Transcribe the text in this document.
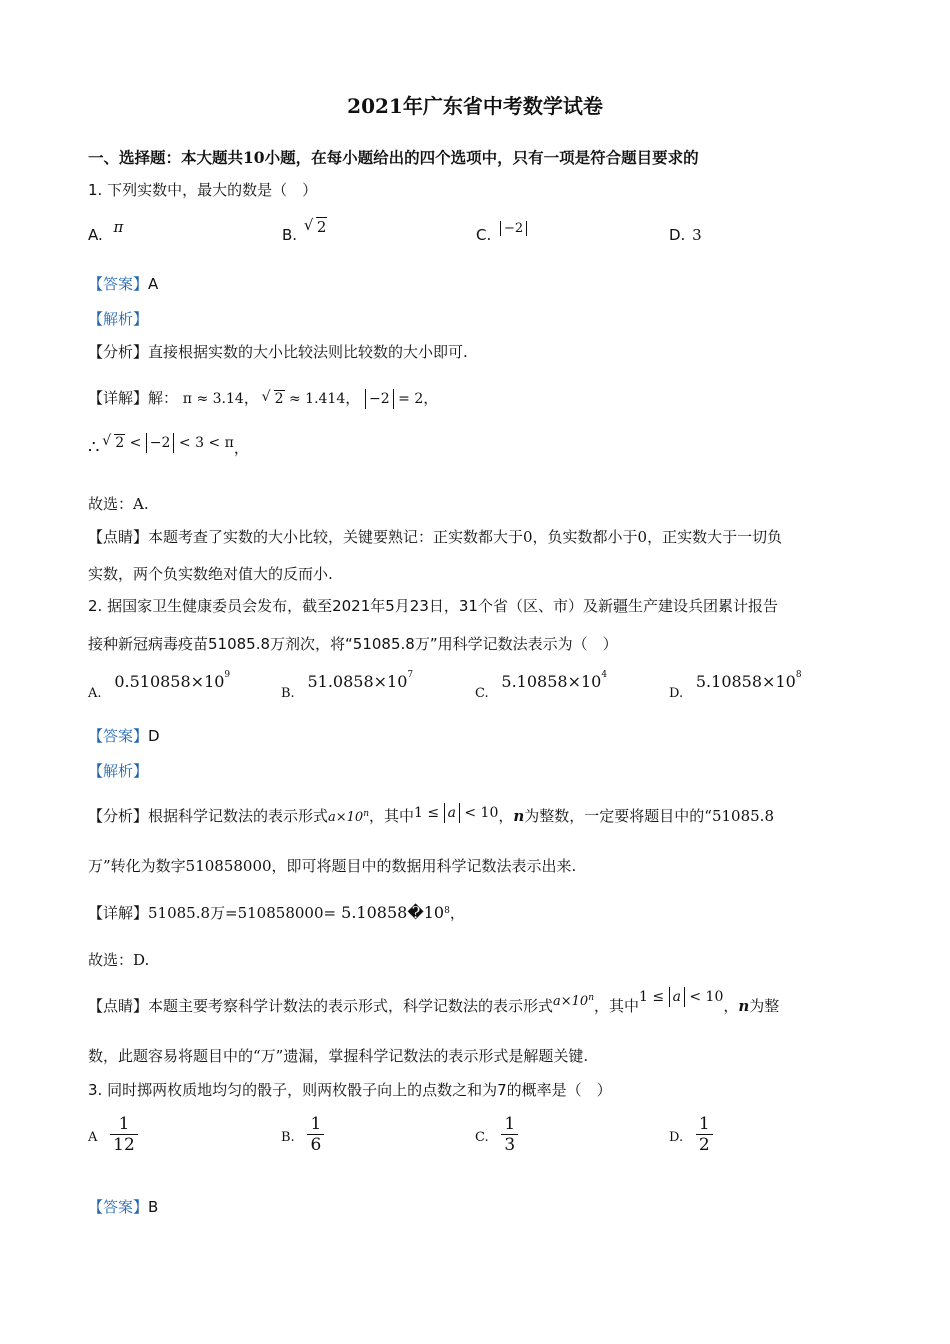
2021年广东省中考数学试卷
一、选择题：本大题共10小题，在每小题给出的四个选项中，只有一项是符合题目要求的
1. 下列实数中，最大的数是（　）
A. π	B. √ 2	C. −2	D. 3
【答案】A
【解析】
【分析】直接根据实数的大小比较法则比较数的大小即可.
【详解】解： π ≈ 3.14， √ 2 ≈ 1.414， −2 = 2，
∴ √ 2 < −2 < 3 < π，
故选：A.
【点睛】本题考查了实数的大小比较，关键要熟记：正实数都大于0，负实数都小于0，正实数大于一切负
实数，两个负实数绝对值大的反而小.
2. 据国家卫生健康委员会发布，截至2021年5月23日，31个省（区、市）及新疆生产建设兵团累计报告
接种新冠病毒疫苗51085.8万剂次，将“51085.8万”用科学记数法表示为（　）
A. $0.510858\times 10^9$
B. $51.0858\times 10^7$
C. $5.10858\times 10^4$
D. $5.10858\times 10^8$
【答案】D
【解析】
【分析】根据科学记数法的表示形式$a\times 10^n$，其中1 ≤ a < 10，n为整数，一定要将题目中的“51085.8
万”转化为数字510858000，即可将题目中的数据用科学记数法表示出来.
【详解】51085.8万$=510858000= 5.10858�10^8$，
故选：D.
【点睛】本题主要考察科学计数法的表示形式，科学记数法的表示形式$a\times 10^n$，其中1 ≤ a < 10，n为整
数，此题容易将题目中的“万”遗漏，掌握科学记数法的表示形式是解题关键.
3. 同时掷两枚质地均匀的骰子，则两枚骰子向上的点数之和为7的概率是（　）
A $\frac{1}{12}$	B. $\frac{1}{6}$	C. $\frac{1}{3}$	D. $\frac{1}{2}$
【答案】B
